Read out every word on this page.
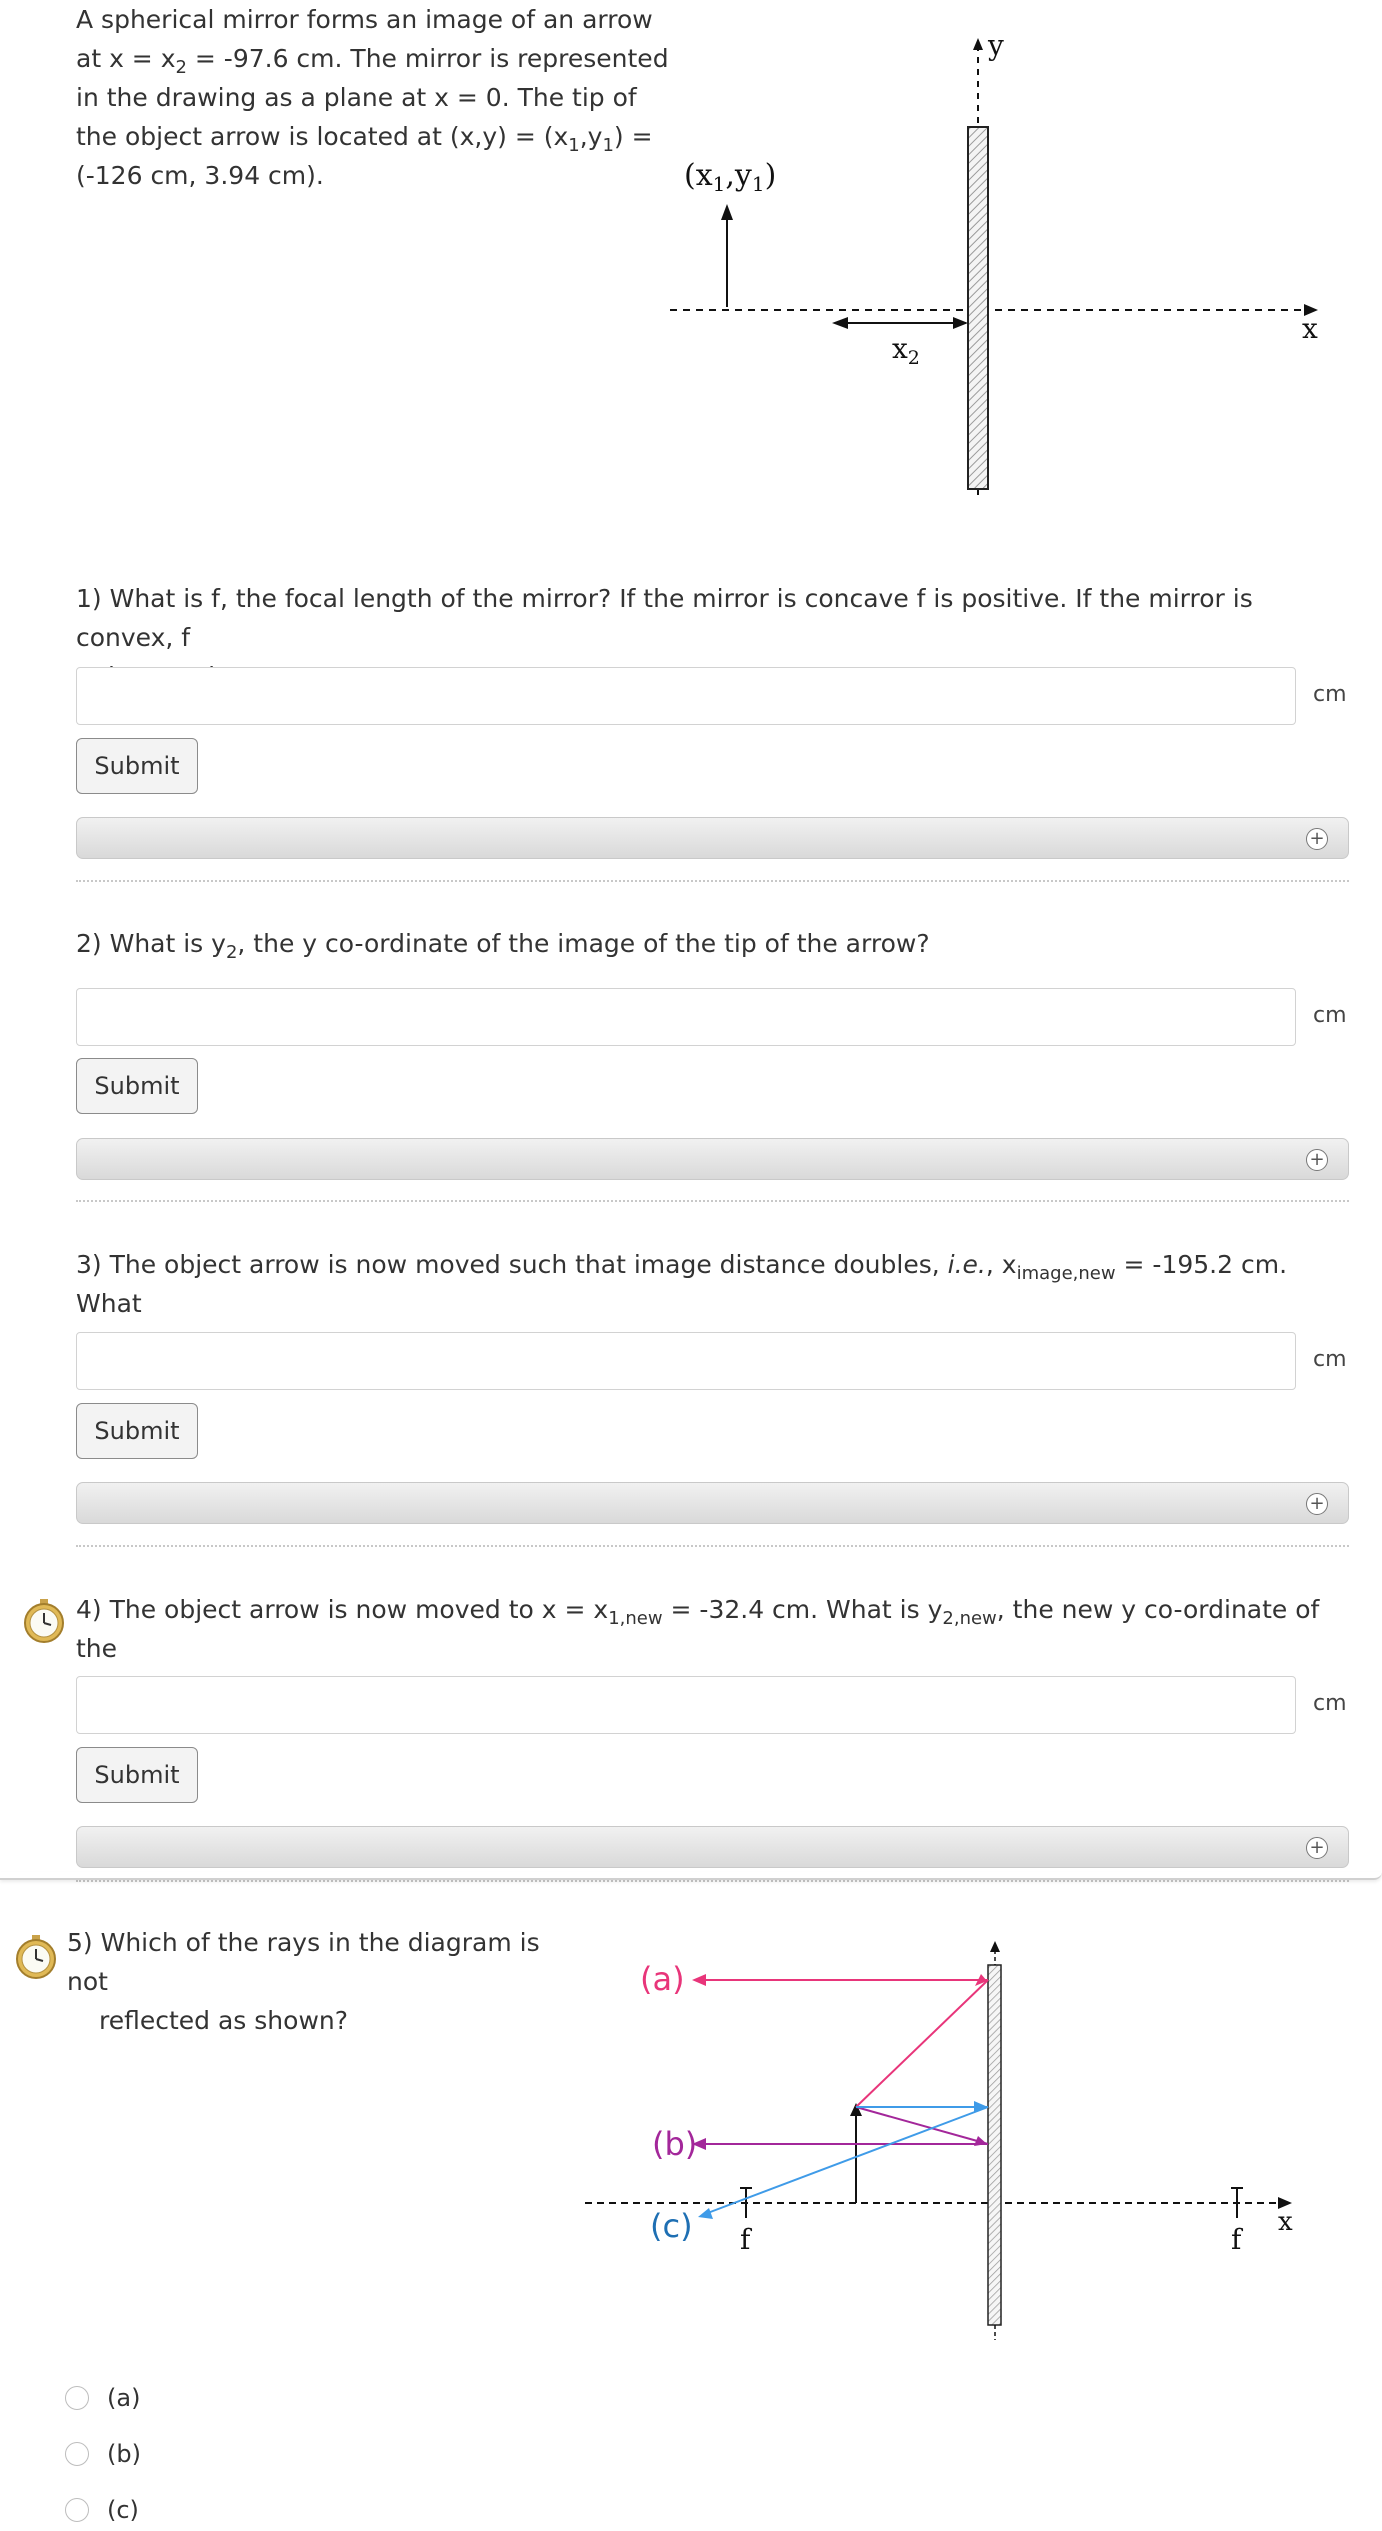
A spherical mirror forms an image of an arrow
at $x = x_2 = -97.6$ cm. The mirror is represented
in the drawing as a plane at x = 0. The tip of
the object arrow is located at $(x,y) = (x_1,y_1)$ =
(-126 cm, 3.94 cm).
y
x
$(x_1,y_1)$
$x_2$
1) What is f, the focal length of the mirror? If the mirror is concave f is positive. If the mirror is convex, f
cm
Submit
+
2) What is $y_2$, the y co-ordinate of the image of the tip of the arrow?
cm
Submit
+
3) The object arrow is now moved such that image distance doubles, i.e., $x_{image,new} = -195.2$ cm. What
cm
Submit
+
4) The object arrow is now moved to $x = x_{1,new} = -32.4$ cm. What is $y_{2,new}$, the new y co-ordinate of the
cm
Submit
+
5) Which of the rays in the diagram is not
reflected as shown?
x
f	f
(a)
(b)
(c)
(a)
(b)
(c)
